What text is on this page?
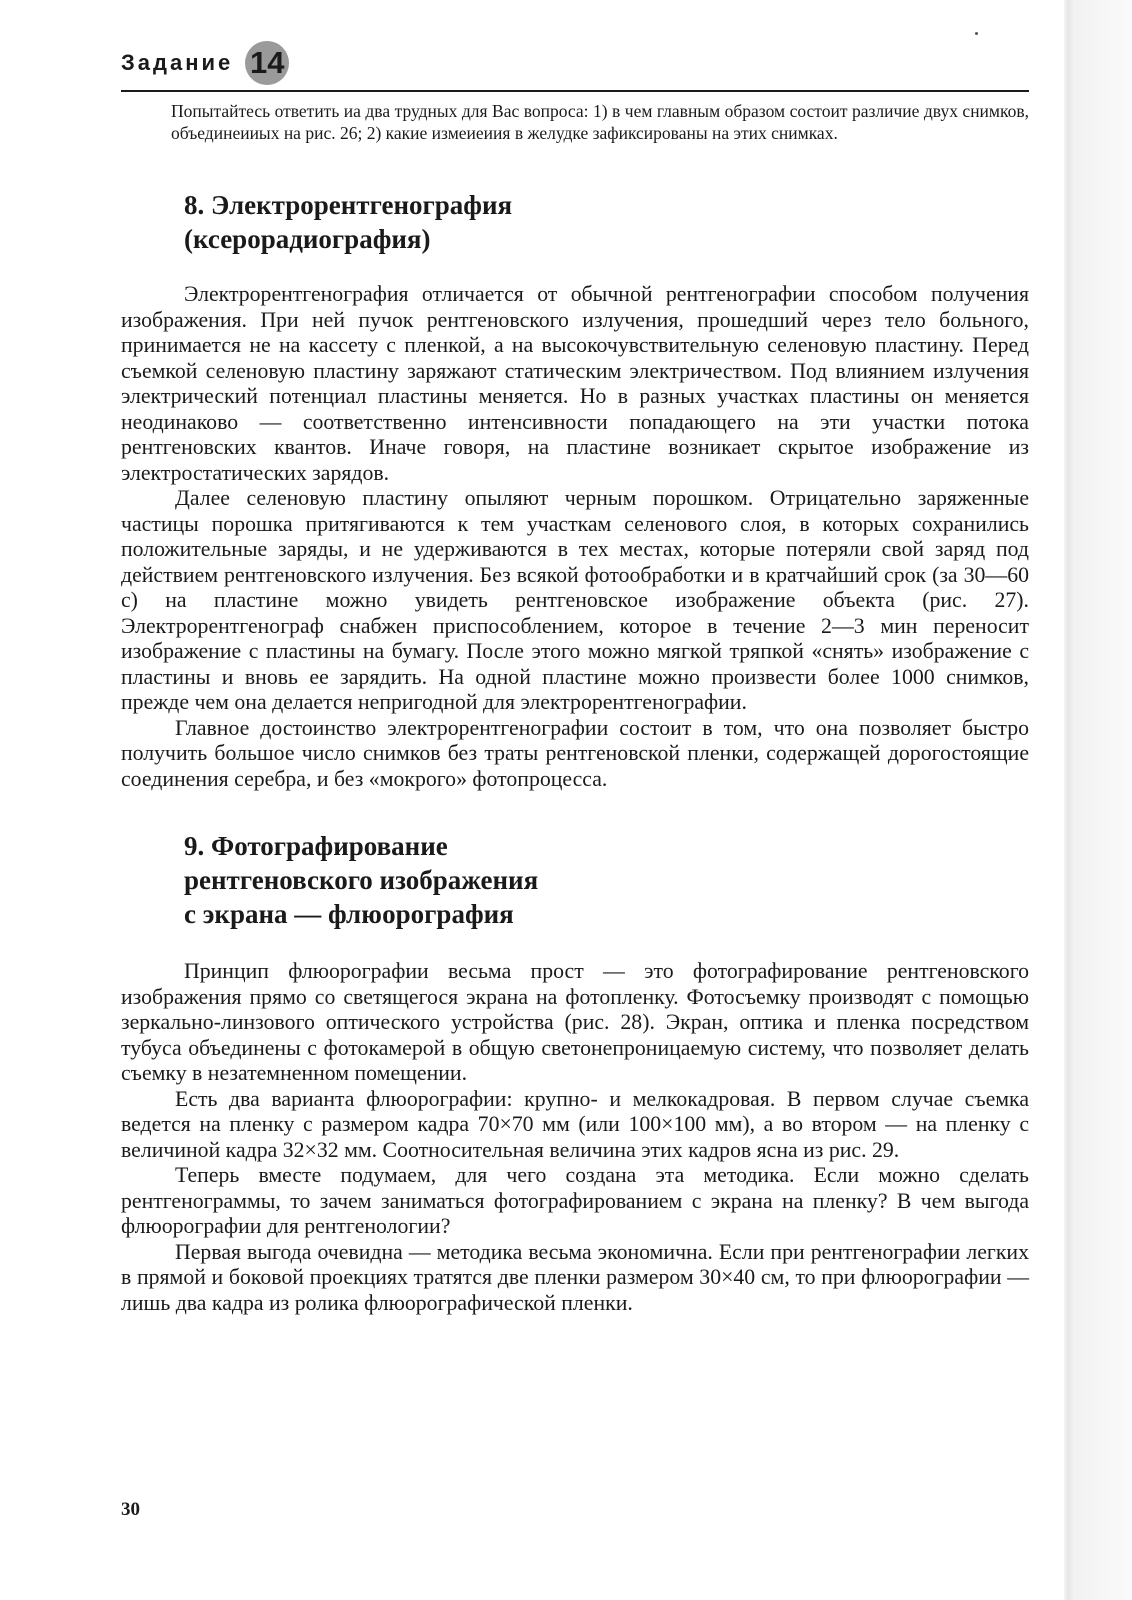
Задание 14

Попытайтесь ответить иа два трудных для Вас вопроса: 1) в чем главным образом состоит различие двух снимков, объединеииых на рис. 26; 2) какие измеиеиия в желудке зафиксированы на этих снимках.

8. Электрорентгенография
(ксерорадиография)

Электрорентгенография отличается от обычной рентгенографии способом получения изображения. При ней пучок рентгеновского излучения, прошедший через тело больного, принимается не на кассету с пленкой, а на высокочувствительную селеновую пластину. Перед съемкой селеновую пластину заряжают статическим электричеством. Под влиянием излучения электрический потенциал пластины меняется. Но в разных участках пластины он меняется неодинаково — соответственно интенсивности попадающего на эти участки потока рентгеновских квантов. Иначе говоря, на пластине возникает скрытое изображение из электростатических зарядов.

Далее селеновую пластину опыляют черным порошком. Отрицательно заряженные частицы порошка притягиваются к тем участкам селенового слоя, в которых сохранились положительные заряды, и не удерживаются в тех местах, которые потеряли свой заряд под действием рентгеновского излучения. Без всякой фотообработки и в кратчайший срок (за 30—60 с) на пластине можно увидеть рентгеновское изображение объекта (рис. 27). Электрорентгенограф снабжен приспособлением, которое в течение 2—3 мин переносит изображение с пластины на бумагу. После этого можно мягкой тряпкой «снять» изображение с пластины и вновь ее зарядить. На одной пластине можно произвести более 1000 снимков, прежде чем она делается непригодной для электрорентгенографии.

Главное достоинство электрорентгенографии состоит в том, что она позволяет быстро получить большое число снимков без траты рентгеновской пленки, содержащей дорогостоящие соединения серебра, и без «мокрого» фотопроцесса.

9. Фотографирование
рентгеновского изображения
с экрана — флюорография

Принцип флюорографии весьма прост — это фотографирование рентгеновского изображения прямо со светящегося экрана на фотопленку. Фотосъемку производят с помощью зеркально-линзового оптического устройства (рис. 28). Экран, оптика и пленка посредством тубуса объединены с фотокамерой в общую светонепроницаемую систему, что позволяет делать съемку в незатемненном помещении.

Есть два варианта флюорографии: крупно- и мелкокадровая. В первом случае съемка ведется на пленку с размером кадра 70×70 мм (или 100×100 мм), а во втором — на пленку с величиной кадра 32×32 мм. Соотносительная величина этих кадров ясна из рис. 29.

Теперь вместе подумаем, для чего создана эта методика. Если можно сделать рентгенограммы, то зачем заниматься фотографированием с экрана на пленку? В чем выгода флюорографии для рентгенологии?

Первая выгода очевидна — методика весьма экономична. Если при рентгенографии легких в прямой и боковой проекциях тратятся две пленки размером 30×40 см, то при флюорографии — лишь два кадра из ролика флюорографической пленки.

30
